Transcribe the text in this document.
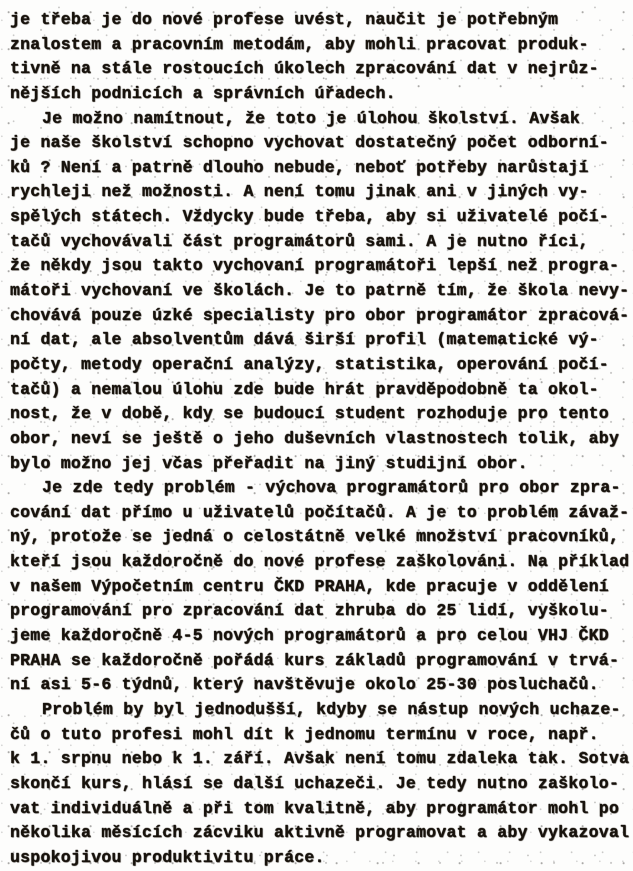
je třeba je do nové profese uvést, naučit je potřebným
znalostem a pracovním metodám, aby mohli pracovat produk-
tivně na stále rostoucích úkolech zpracování dat v nejrůz-
nějších podnicích a správních úřadech.
Je možno namítnout, že toto je úlohou školství. Avšak
je naše školství schopno vychovat dostatečný počet odborní-
ků ? Není a patrně dlouho nebude, neboť potřeby narůstají
rychleji než možnosti. A není tomu jinak ani v jiných vy-
spělých státech. Vždycky bude třeba, aby si uživatelé počí-
tačů vychovávali část programátorů sami. A je nutno říci,
že někdy jsou takto vychovaní programátoři lepší než progra-
mátoři vychovaní ve školách. Je to patrně tím, že škola nevy-
chovává pouze úzké specialisty pro obor programátor zpracová-
ní dat, ale absolventům dává širší profil (matematické vý-
počty, metody operační analýzy, statistika, operování počí-
tačů) a nemalou úlohu zde bude hrát pravděpodobně ta okol-
nost, že v době, kdy se budoucí student rozhoduje pro tento
obor, neví se ještě o jeho duševních vlastnostech tolik, aby
bylo možno jej včas přeřadit na jiný studijní obor.
Je zde tedy problém - výchova programátorů pro obor zpra-
cování dat přímo u uživatelů počítačů. A je to problém závaž-
ný, protože se jedná o celostátně velké množství pracovníků,
kteří jsou každoročně do nové profese zaškolováni. Na příklad
v našem Výpočetním centru ČKD PRAHA, kde pracuje v oddělení
programování pro zpracování dat zhruba do 25 lidí, vyškolu-
jeme každoročně 4-5 nových programátorů a pro celou VHJ ČKD
PRAHA se každoročně pořádá kurs základů programování v trvá-
ní asi 5-6 týdnů, který navštěvuje okolo 25-30 posluchačů.
Problém by byl jednodušší, kdyby se nástup nových uchaze-
čů o tuto profesi mohl dít k jednomu termínu v roce, např.
k 1. srpnu nebo k 1. září. Avšak není tomu zdaleka tak. Sotva
skončí kurs, hlásí se další uchazeči. Je tedy nutno zaškolo-
vat individuálně a při tom kvalitně, aby programátor mohl po
několika měsících zácviku aktivně programovat a aby vykazoval
uspokojivou produktivitu práce.
